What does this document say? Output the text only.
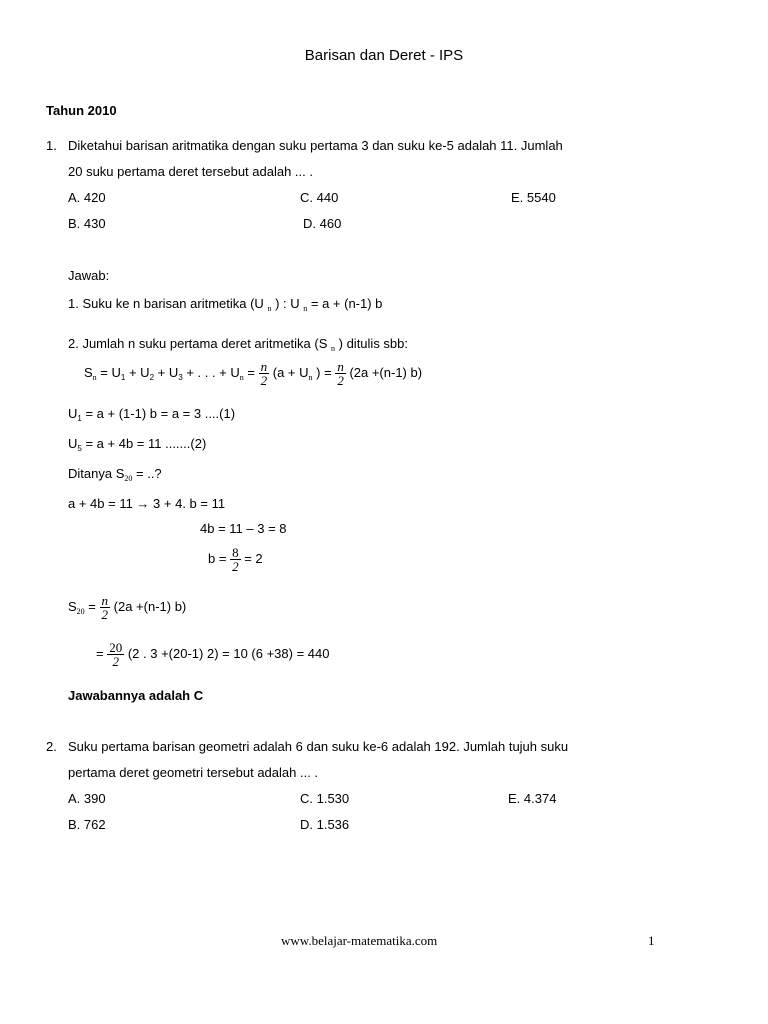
Barisan dan Deret - IPS
Tahun 2010
1. Diketahui barisan aritmatika dengan suku pertama 3 dan suku ke-5 adalah 11. Jumlah
20 suku pertama deret tersebut adalah ... .
A. 420	C. 440	E. 5540
B. 430	D. 460
Jawab:
1. Suku ke n barisan aritmetika (U $_n$ ) : U $_n$ = a + (n-1) b
2. Jumlah n suku pertama deret aritmetika (S $_n$ ) ditulis sbb:
$S_n = U_1 + U_2 + U_3$ + . . . + $U_n = \frac{n}{2} (a + U_n$ ) = $\frac{n}{2} (2a +(n-1)$ b)
$U_1 = a + (1-1) b = a = 3$ ....(1)
$U_5 = a + 4b = 11$ .......(2)
Ditanya $S_{20}$ = ..?
a + 4b = 11 → 3 + 4. b = 11
4b = 11 – 3 = 8
$b = \frac{8}{2} = 2$
$S_{20} = \frac{n}{2} (2a +(n-1)$ b)
= $\frac{20}{2} (2$ . 3 +(20-1) 2) = 10 (6 +38) = 440
Jawabannya adalah C
2. Suku pertama barisan geometri adalah 6 dan suku ke-6 adalah 192. Jumlah tujuh suku
pertama deret geometri tersebut adalah ... .
A. 390	C. 1.530	E. 4.374
B. 762	D. 1.536
www.belajar-matematika.com	1
